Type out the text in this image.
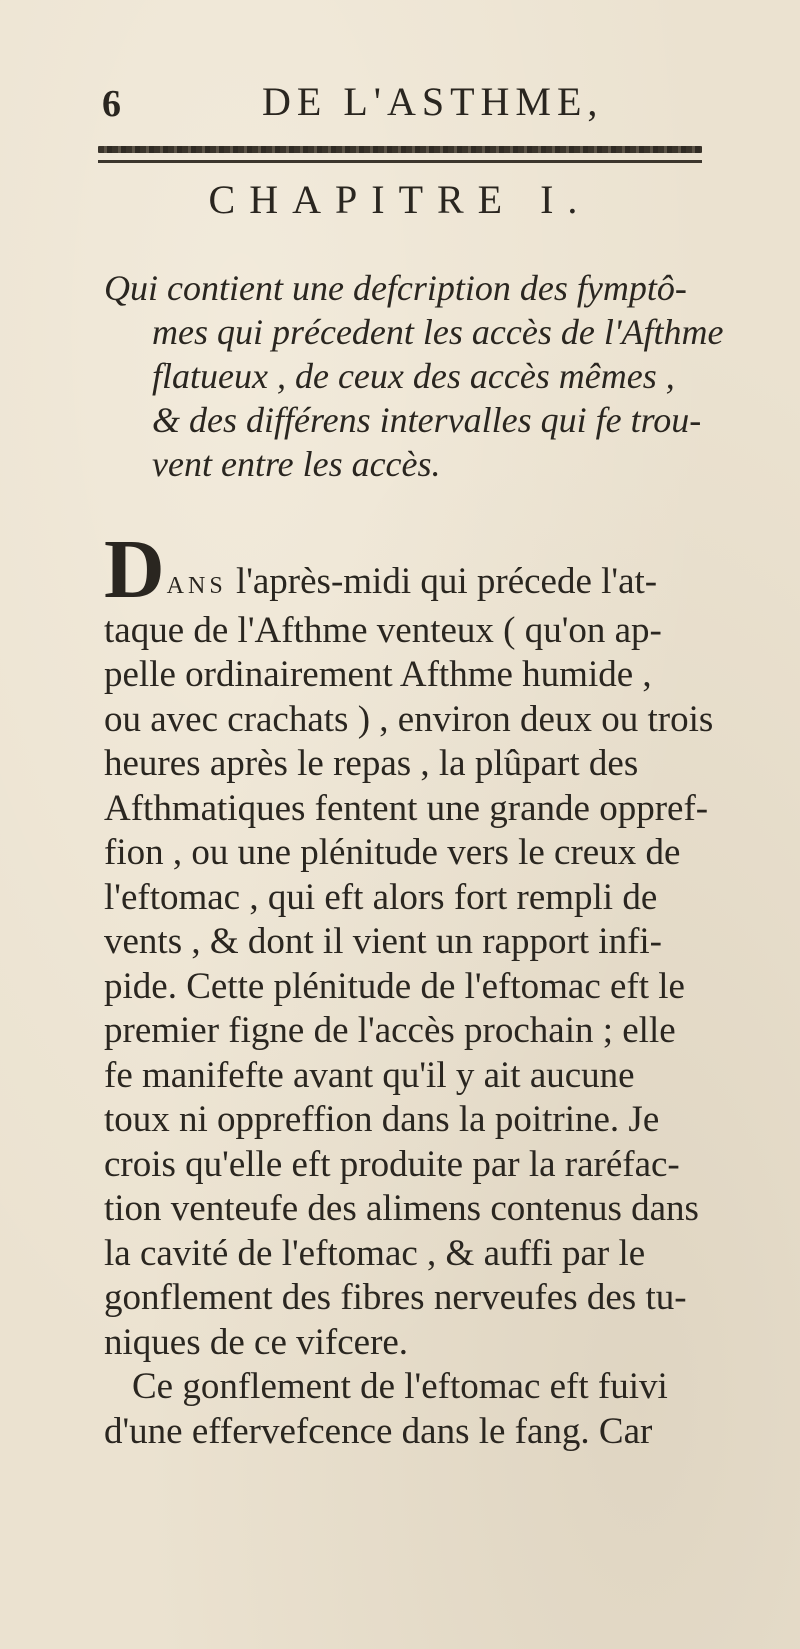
6	DE L'ASTHME,
CHAPITRE I.
Qui contient une defcription des fymptô-
mes qui précedent les accès de l'Afthme
flatueux , de ceux des accès mêmes ,
& des différens intervalles qui fe trou-
vent entre les accès.
DANS l'après-midi qui précede l'at-
taque de l'Afthme venteux ( qu'on ap-
pelle ordinairement Afthme humide ,
ou avec crachats ) , environ deux ou trois
heures après le repas , la plûpart des
Afthmatiques fentent une grande oppref-
fion , ou une plénitude vers le creux de
l'eftomac , qui eft alors fort rempli de
vents , & dont il vient un rapport infi-
pide. Cette plénitude de l'eftomac eft le
premier figne de l'accès prochain ; elle
fe manifefte avant qu'il y ait aucune
toux ni oppreffion dans la poitrine. Je
crois qu'elle eft produite par la raréfac-
tion venteufe des alimens contenus dans
la cavité de l'eftomac , & auffi par le
gonflement des fibres nerveufes des tu-
niques de ce vifcere.
Ce gonflement de l'eftomac eft fuivi
d'une effervefcence dans le fang. Car
